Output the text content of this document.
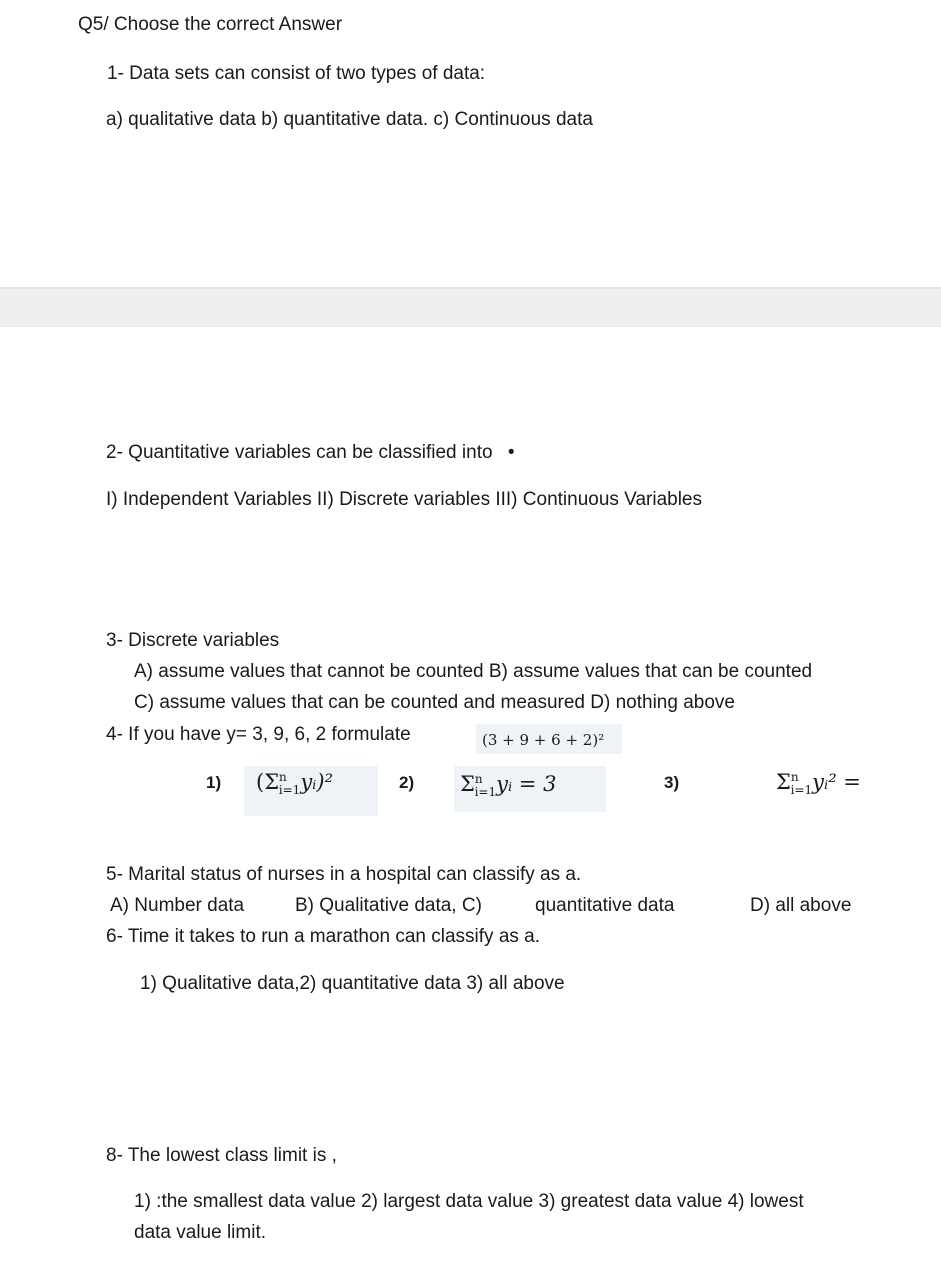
Q5/ Choose the correct Answer
1- Data sets can consist of two types of data:
a) qualitative data b) quantitative data. c) Continuous data
2- Quantitative variables can be classified into •
I) Independent Variables II) Discrete variables III) Continuous Variables
3- Discrete variables
A) assume values that cannot be counted B) assume values that can be counted
C) assume values that can be counted and measured D) nothing above
4- If you have y= 3, 9, 6, 2 formulate	(3 + 9 + 6 + 2)²
1) $(\Sigma^n_{i=1}yᵢ)^2$	2) $\Sigma^n_{i=1}yᵢ = 3$	3)	$\Sigma^n_{i=1}yᵢ^2$ =
5- Marital status of nurses in a hospital can classify as a.
A) Number data	B) Qualitative data, C)	quantitative data	D) all above
6- Time it takes to run a marathon can classify as a.
1) Qualitative data,2) quantitative data 3) all above
8- The lowest class limit is ,
1) :the smallest data value 2) largest data value 3) greatest data value 4) lowest
data value limit.
